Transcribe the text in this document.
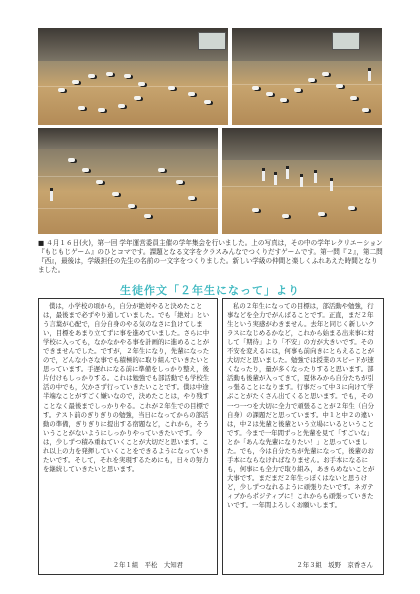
■ ４月１６日(火)，第一回 学年運営委員主催の学年集会を行いました。上の写真は，その中の学年レクリエーション『もじもじゲーム』のひとコマです。課題となる文字をクラスみんなでつくりだすゲームです。第一問『２』，第二問『西』，最後は，学級担任の先生の名前の一文字をつくりました。新しい学級の仲間と楽しくふれあえた時間となりました。
生徒作文「２年生になって」より
僕は，小学校の頃から，自分が絶対やると決めたことは，最後まで必ずやり通していました。でも「絶対」という言葉が心配で，自分自身のやる気のなさに負けてしまい，目標をあまり立てずに事を進めていました。さらに中学校に入っても，なかなかやる事を計画的に進めることができませんでした。ですが，２年生になり，先輩になったので，どんな小さな事でも積極的に取り組んでいきたいと思っています。手遅れになる前に準備をしっかり整え，後片付けもしっかりする。これは勉強でも部活動でも学校生活の中でも，欠かさず行っていきたいことです。僕は中途半端なことがすごく嫌いなので，決めたことは，やり残すことなく最後までしっかりやる。これが２年生での目標です。テスト前のぎりぎりの勉強，当日になってからの部活動の準備，ぎりぎりに提出する宿題など，これから，そういうことがないようにしっかりやっていきたいです。今は，少しずつ積み重ねていくことが大切だと思います。これ以上の力を発揮していくことをできるようになっていきたいです。そして，それを実現するためにも，日々の努力を継続していきたいと思います。
２年１組　平松　大知君
私の２年生になっての目標は，部活動や勉強，行事などを全力でがんばることです。正直，まだ２年生という実感がわきません。去年と同じく新しいクラスになじめるかなど，これから始まる出来事に対して「期待」より「不安」の方が大きいです。その不安を変えるには，何事も前向きにとらえることが大切だと思いました。勉強では授業のスピードが速くなったり，量が多くなったりすると思います。部活動も後輩が入ってきて，夏休みから自分たちが引っ張ることになります。行事だって中３に向けて学ぶことがたくさん出てくると思います。でも，その一つ一つを大切に全力で頑張ることが２年生（自分自身）の課題だと思っています。中１と中２の違いは，中２は先輩と後輩という立場にいるということです。今まで一年間ずっと先輩を見て「すごいな」とか「あんな先輩になりたい！」と思っていました。でも，今は自分たちが先輩になって，後輩のお手本にならなければなりません。お手本になるにも，何事にも全力で取り組み，あきらめないことが大事です。まだまだ２年生っぽくはないと思うけど，少しずつなれるように頑張りたいです。ネガティブからポジティブに！これからも頑張っていきたいです。一年間よろしくお願いします。
２年３組　坂野　京香さん
